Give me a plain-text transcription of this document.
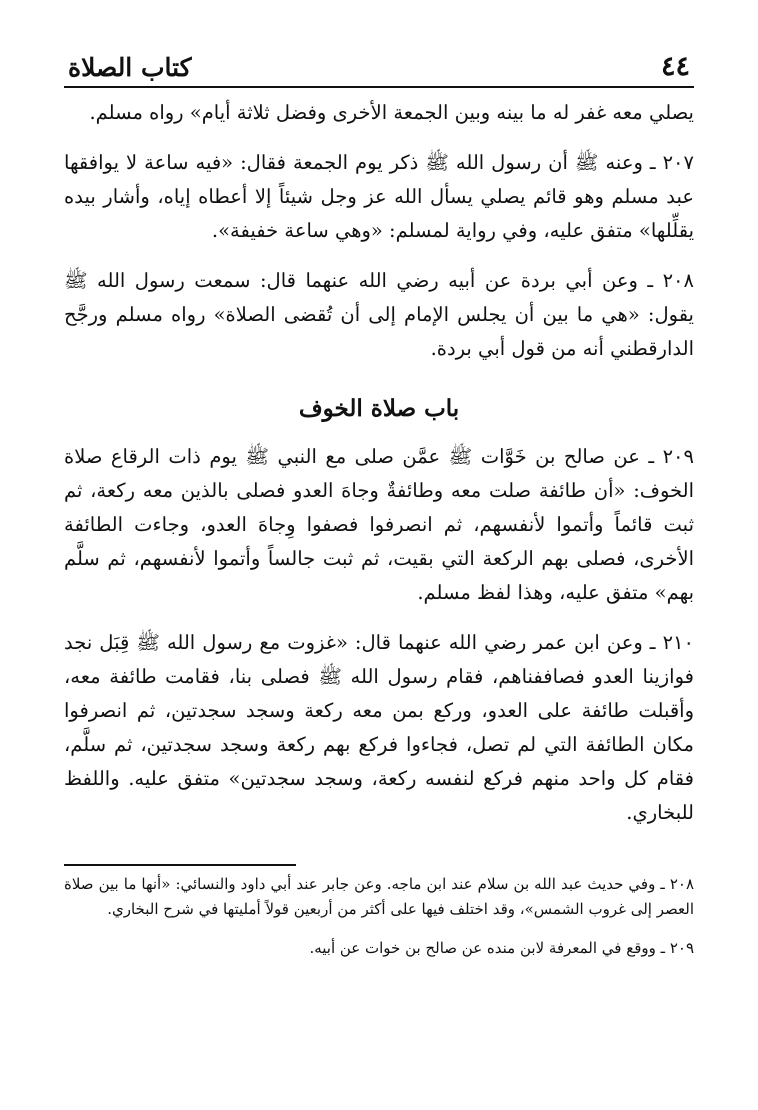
٤٤
كتاب الصلاة

يصلي معه غفر له ما بينه وبين الجمعة الأخرى وفضل ثلاثة أيام» رواه مسلم.

٢٠٧ ـ وعنه ﷺ أن رسول الله ﷺ ذكر يوم الجمعة فقال: «فيه ساعة لا يوافقها عبد مسلم وهو قائم يصلي يسأل الله عز وجل شيئاً إلا أعطاه إياه، وأشار بيده يقلِّلها» متفق عليه، وفي رواية لمسلم: «وهي ساعة خفيفة».

٢٠٨ ـ وعن أبي بردة عن أبيه رضي الله عنهما قال: سمعت رسول الله ﷺ يقول: «هي ما بين أن يجلس الإمام إلى أن تُقضى الصلاة» رواه مسلم ورجَّح الدارقطني أنه من قول أبي بردة.

باب صلاة الخوف

٢٠٩ ـ عن صالح بن خَوَّات ﷺ عمَّن صلى مع النبي ﷺ يوم ذات الرقاع صلاة الخوف: «أن طائفة صلت معه وطائفةٌ وجاهَ العدو فصلى بالذين معه ركعة، ثم ثبت قائماً وأتموا لأنفسهم، ثم انصرفوا فصفوا وِجاهَ العدو، وجاءت الطائفة الأخرى، فصلى بهم الركعة التي بقيت، ثم ثبت جالساً وأتموا لأنفسهم، ثم سلَّم بهم» متفق عليه، وهذا لفظ مسلم.

٢١٠ ـ وعن ابن عمر رضي الله عنهما قال: «غزوت مع رسول الله ﷺ قِبَل نجد فوازينا العدو فصاففناهم، فقام رسول الله ﷺ فصلى بنا، فقامت طائفة معه، وأقبلت طائفة على العدو، وركع بمن معه ركعة وسجد سجدتين، ثم انصرفوا مكان الطائفة التي لم تصل، فجاءوا فركع بهم ركعة وسجد سجدتين، ثم سلَّم، فقام كل واحد منهم فركع لنفسه ركعة، وسجد سجدتين» متفق عليه. واللفظ للبخاري.

٢٠٨ ـ وفي حديث عبد الله بن سلام عند ابن ماجه. وعن جابر عند أبي داود والنسائي: «أنها ما بين صلاة العصر إلى غروب الشمس»، وقد اختلف فيها على أكثر من أربعين قولاً أمليتها في شرح البخاري.

٢٠٩ ـ ووقع في المعرفة لابن منده عن صالح بن خوات عن أبيه.
